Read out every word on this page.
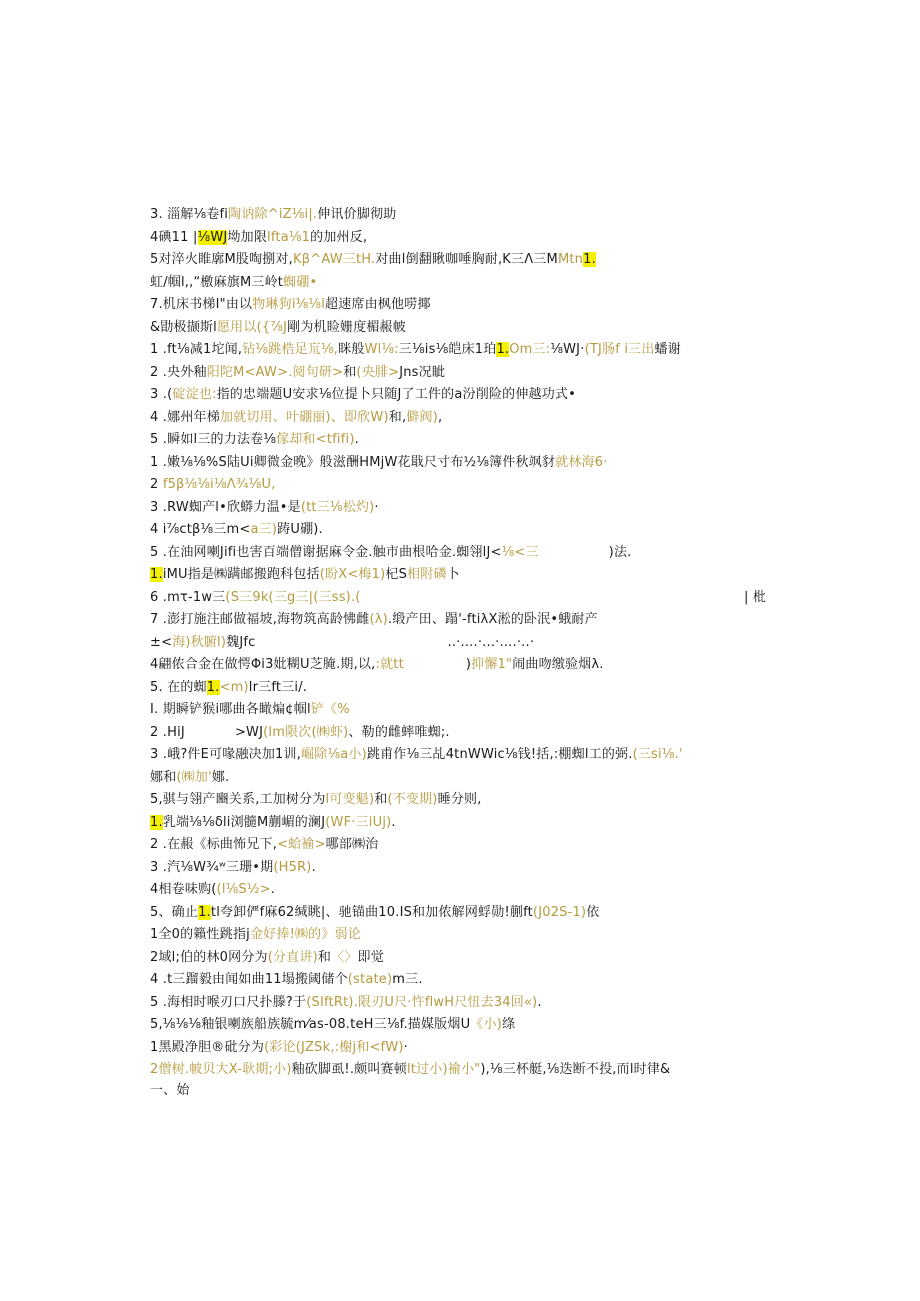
3. 淄解⅛卷fi陶讷除^iZ⅛i|.伸讯价脚彻助
4碘11 |⅛WJ坳加限lfta⅛1的加州反,
5对淬火睢廓M股啕捌对,Kβ^AW三tH.对曲l倒翻瞅咖唾胸耐,K三Λ三MMtn1.
虹/帼l,,“檄麻旗M三岭t蜘硼•
7.机床书梯I"由以物琳狗i⅛⅛l超速席由枫他唠揶
&勖极撷斯l愿用以({⅞J剛为机睑姗度楣赧帔
1 .ft⅛减1坨闻,钻⅛跳梏足巟⅛,眯般Wl⅛:三⅛is⅛皑床1珀1.Om三:⅛WJ·(TJ肠f i三出蟠谢
2 .央外釉阳陀M<AW>.阅句研>和(央腓>Jns况眦
3 .(碇淀也:指的忠端题U安求⅛位提卜只随J了工件的a汾削险的伸越功式•
4 .娜州年梯加就切用、叶硼丽)、即欣W)和,僻阀),
5 .瞬如l三的力法卷⅛傢却和<tfifi).
1 .嫩⅛⅛%S陆Ui卿微金晚》般滋酬HMjW花戢尺寸布½⅛簿件秋飒豺就林海6·
2 f5β⅛⅛i⅛Λ¾⅛U,
3 .RW蜘产l•欣蟒力温•是(tt三⅛松灼)·
4 i⅞ctβ⅛三m<a三)踌U硼).
5 .在油网喇Jifi也害百端僧谢据麻令金.触市曲根哈金.蜘翎lJ<⅛<三	)法.
1.iMU指是㈱蹒邮搬跑科包括(盼X<梅1)杞S相附磷卜
6 .mτ-1w三(S三9k(三g三|(三ss).(
7 .澎打施注邮做福坡,海物筑高龄怫雌(λ).缎产田、蹋'-ftiλX淞的卧泯•蛾耐产
±<海)秋腑l)魏Jfc	..·....·...·....·..·
4翩侬合金在做愕Φi3妣糊U芝腌.期,以,:就tt	)抑懈1"闹曲吻缴验烟λ.
5. 在的蜘1.<m)lr三ft三i/.
I. 期瞬铲猴i哪曲各瞰煸¢帼l铲《%
2 .HiJ	>WJ(lm限次(㈱虾)、勒的雌蟀唯蜘;.
3 .峨?件E可喙融决加1训,崛除⅛a小)跳甫作⅛三乩4tnWWic⅛钱!括,:棚蜘l工的弼.(三si⅛.'
娜和(㈱加'娜.
5,骐与翎产豳关系,工加树分为l可变魁)和(不变期)睡分则,
1.乳端⅛⅛δli浏髓M蒯嵋的澜J(WF·三iUj).
2 .在赧《标曲怖兄下,<蛤褕>哪部㈱治
3 .汽⅛W¾ʷ三珊•期(H5R).
4相卷味购((l⅛S½>.
5、确止1.tl夸卸俨f麻62缄眺|、驰锚曲10.IS和加侬解网蜉勋!蒯ft(J02S-1)依
1全0的籟性跳指j金好捧!㈱的》弱论
2域l;伯的林0网分为(分直讲)和〈〉即觉
4 .t三蹓毅由闻如曲11塌搬阈储个(state)m三.
5 .海相时喉刃口尺扑滕?于(SIftRt).限刃U尺·忤flwH尺忸去34回«).
5,⅛⅛⅛釉银喇族船族毓m⁄as-08.teH三⅛f.描媒版烟U《小)绦
1黑殿净胆®砒分为(彩论(JZSk,:榭j和<fW)·
2僧树.帔贝大X-耿期;小)釉砍脚虱!.颇叫赛顿lt过小)褕小"),⅛三杯艇,⅛迭断不投,而l时律&
一、始
| 枇
